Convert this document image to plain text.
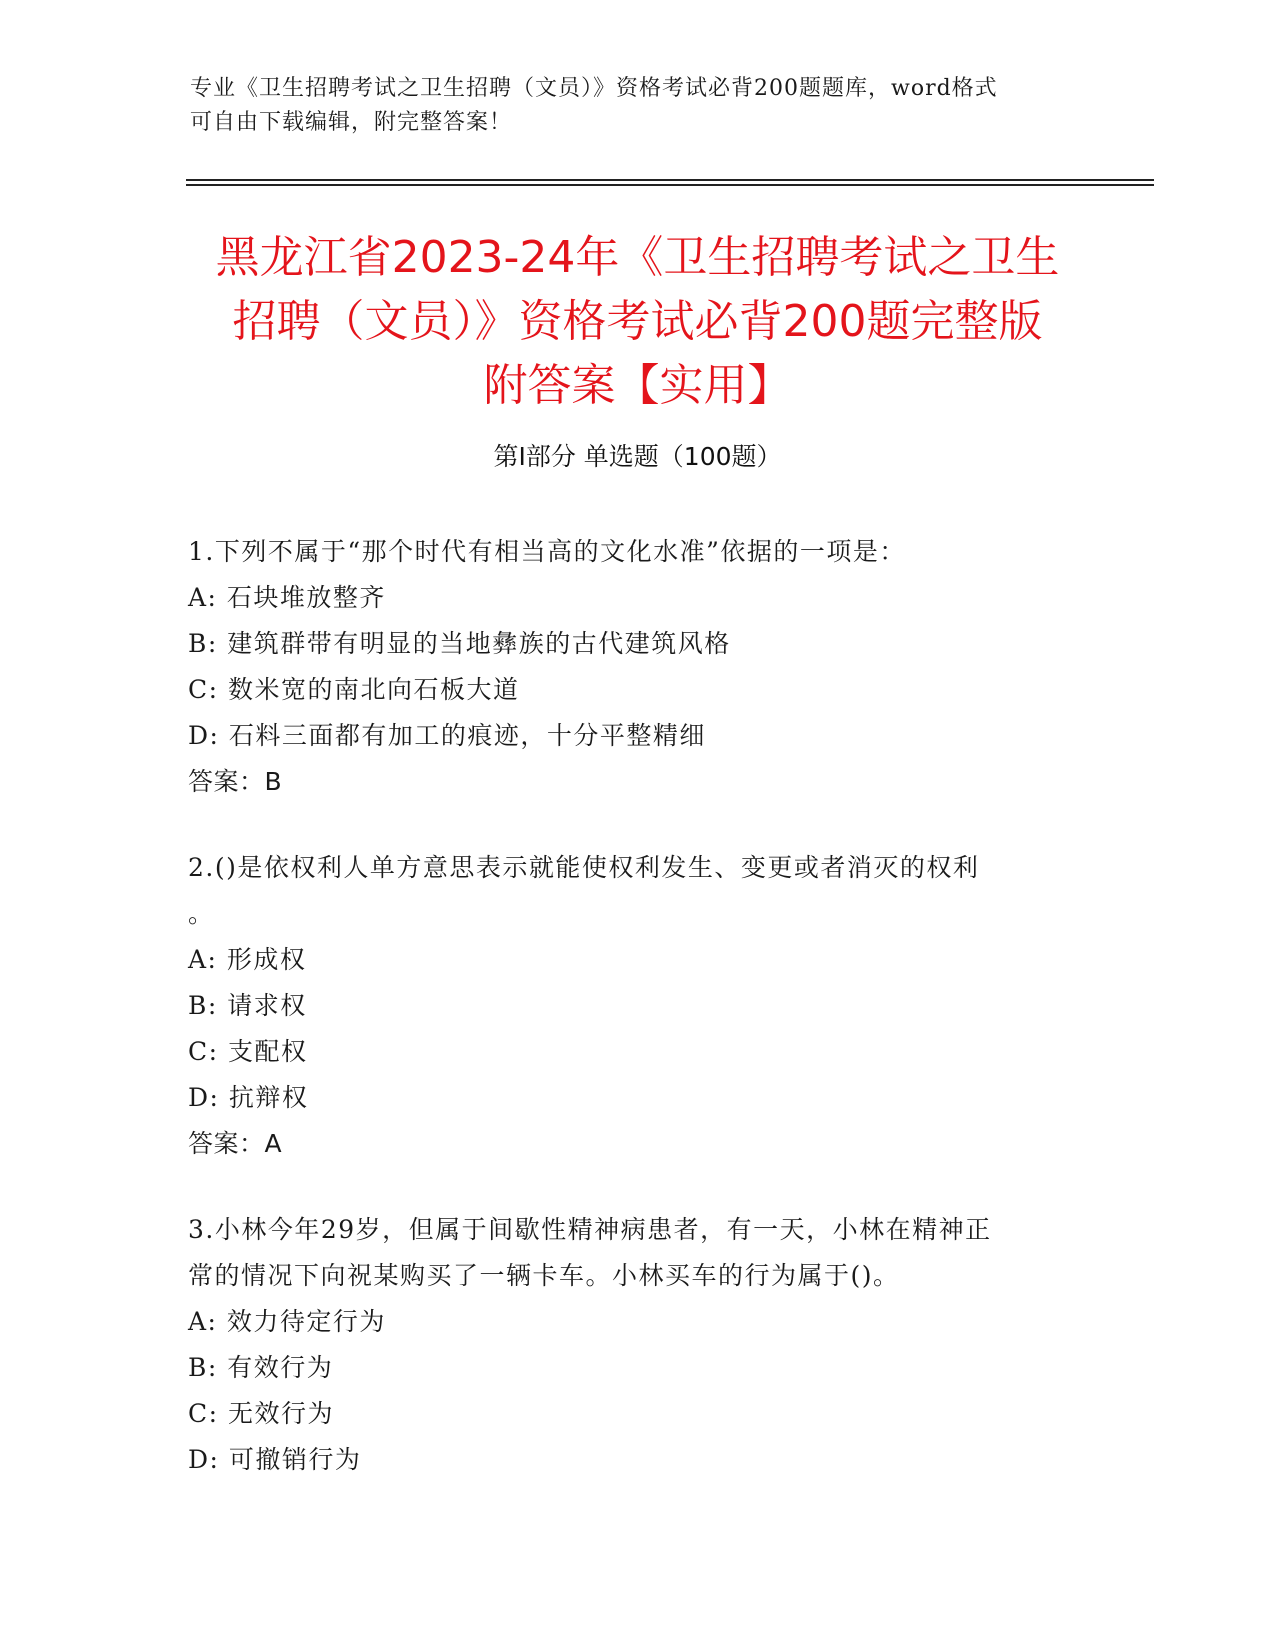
专业《卫生招聘考试之卫生招聘（文员）》资格考试必背200题题库，word格式
可自由下载编辑，附完整答案！
黑龙江省2023-24年《卫生招聘考试之卫生
招聘（文员）》资格考试必背200题完整版
附答案【实用】
第Ⅰ部分 单选题（100题）
1.下列不属于“那个时代有相当高的文化水准”依据的一项是：
A: 石块堆放整齐
B: 建筑群带有明显的当地彝族的古代建筑风格
C: 数米宽的南北向石板大道
D: 石料三面都有加工的痕迹，十分平整精细
答案：B
2.()是依权利人单方意思表示就能使权利发生、变更或者消灭的权利
。
A: 形成权
B: 请求权
C: 支配权
D: 抗辩权
答案：A
3.小林今年29岁，但属于间歇性精神病患者，有一天，小林在精神正
常的情况下向祝某购买了一辆卡车。小林买车的行为属于()。
A: 效力待定行为
B: 有效行为
C: 无效行为
D: 可撤销行为
